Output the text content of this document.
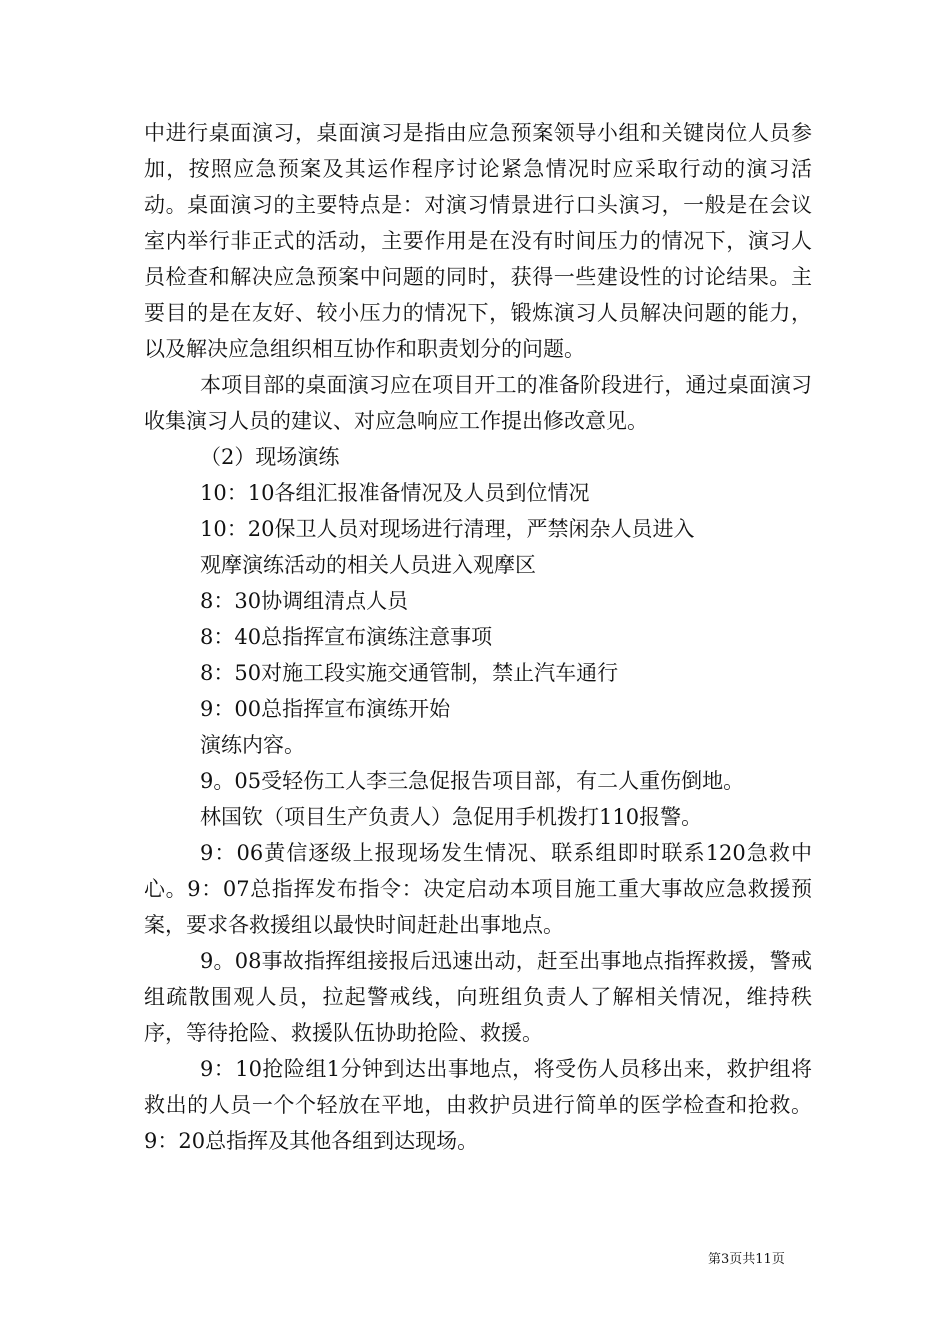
中进行桌面演习，桌面演习是指由应急预案领导小组和关键岗位人员参加，按照应急预案及其运作程序讨论紧急情况时应采取行动的演习活动。桌面演习的主要特点是：对演习情景进行口头演习，一般是在会议室内举行非正式的活动，主要作用是在没有时间压力的情况下，演习人员检查和解决应急预案中问题的同时，获得一些建设性的讨论结果。主要目的是在友好、较小压力的情况下，锻炼演习人员解决问题的能力，以及解决应急组织相互协作和职责划分的问题。

本项目部的桌面演习应在项目开工的准备阶段进行，通过桌面演习收集演习人员的建议、对应急响应工作提出修改意见。

（2）现场演练

10：10各组汇报准备情况及人员到位情况

10：20保卫人员对现场进行清理，严禁闲杂人员进入

观摩演练活动的相关人员进入观摩区

8：30协调组清点人员

8：40总指挥宣布演练注意事项

8：50对施工段实施交通管制，禁止汽车通行

9：00总指挥宣布演练开始

演练内容。

9。05受轻伤工人李三急促报告项目部，有二人重伤倒地。

林国钦（项目生产负责人）急促用手机拨打110报警。

9：06黄信逐级上报现场发生情况、联系组即时联系120急救中心。9：07总指挥发布指令：决定启动本项目施工重大事故应急救援预案，要求各救援组以最快时间赶赴出事地点。

9。08事故指挥组接报后迅速出动，赶至出事地点指挥救援，警戒组疏散围观人员，拉起警戒线，向班组负责人了解相关情况，维持秩序，等待抢险、救援队伍协助抢险、救援。

9：10抢险组1分钟到达出事地点，将受伤人员移出来，救护组将救出的人员一个个轻放在平地，由救护员进行简单的医学检查和抢救。9：20总指挥及其他各组到达现场。

第3页共11页
